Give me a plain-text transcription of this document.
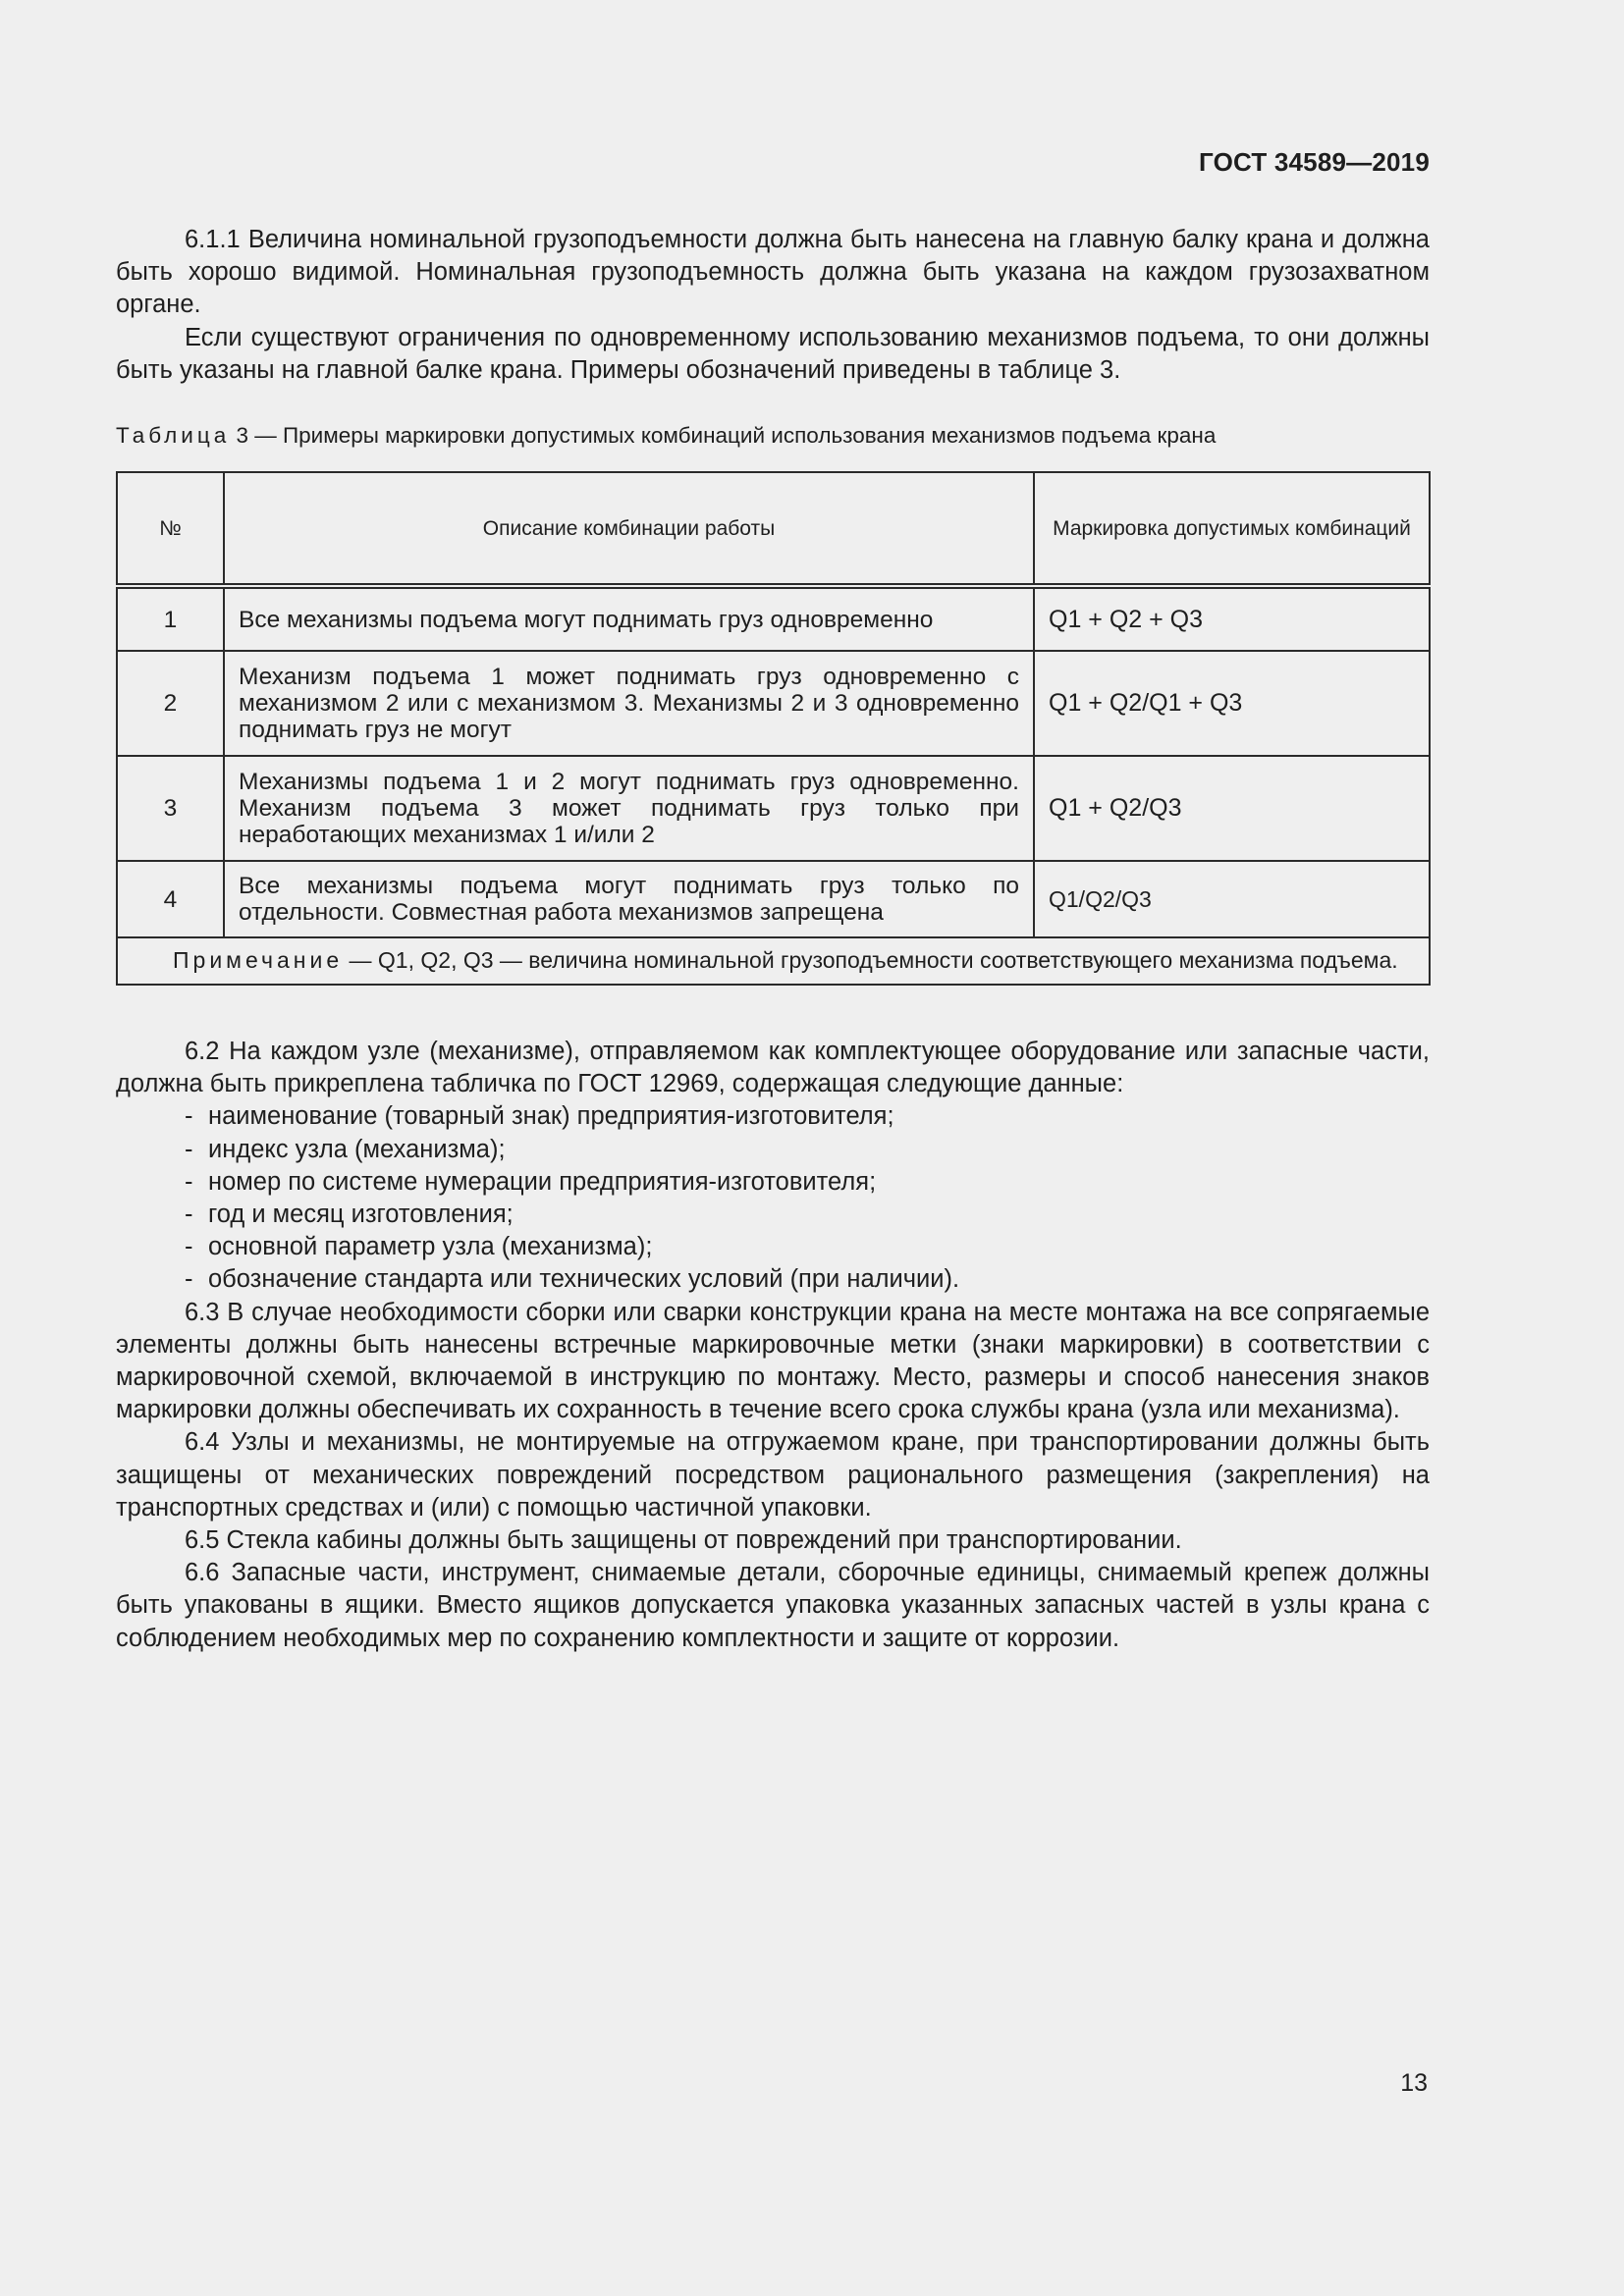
ГОСТ 34589—2019

6.1.1 Величина номинальной грузоподъемности должна быть нанесена на главную балку крана и должна быть хорошо видимой. Номинальная грузоподъемность должна быть указана на каждом грузозахватном органе.

Если существуют ограничения по одновременному использованию механизмов подъема, то они должны быть указаны на главной балке крана. Примеры обозначений приведены в таблице 3.

Таблица 3 — Примеры маркировки допустимых комбинаций использования механизмов подъема крана
№	Описание комбинации работы	Маркировка допустимых комбинаций
1	Все механизмы подъема могут поднимать груз одновременно	Q1 + Q2 + Q3
2	Механизм подъема 1 может поднимать груз одновременно с механизмом 2 или с механизмом 3. Механизмы 2 и 3 одновременно поднимать груз не могут	Q1 + Q2/Q1 + Q3
3	Механизмы подъема 1 и 2 могут поднимать груз одновременно. Механизм подъема 3 может поднимать груз только при неработающих механизмах 1 и/или 2	Q1 + Q2/Q3
4	Все механизмы подъема могут поднимать груз только по отдельности. Совместная работа механизмов запрещена	Q1/Q2/Q3

Примечание — Q1, Q2, Q3 — величина номинальной грузоподъемности соответствующего механизма подъема.		

6.2 На каждом узле (механизме), отправляемом как комплектующее оборудование или запасные части, должна быть прикреплена табличка по ГОСТ 12969, содержащая следующие данные:

- наименование (товарный знак) предприятия-изготовителя;

- индекс узла (механизма);

- номер по системе нумерации предприятия-изготовителя;

- год и месяц изготовления;

- основной параметр узла (механизма);

- обозначение стандарта или технических условий (при наличии).

6.3 В случае необходимости сборки или сварки конструкции крана на месте монтажа на все сопрягаемые элементы должны быть нанесены встречные маркировочные метки (знаки маркировки) в соответствии с маркировочной схемой, включаемой в инструкцию по монтажу. Место, размеры и способ нанесения знаков маркировки должны обеспечивать их сохранность в течение всего срока службы крана (узла или механизма).

6.4 Узлы и механизмы, не монтируемые на отгружаемом кране, при транспортировании должны быть защищены от механических повреждений посредством рационального размещения (закрепления) на транспортных средствах и (или) с помощью частичной упаковки.

6.5 Стекла кабины должны быть защищены от повреждений при транспортировании.

6.6 Запасные части, инструмент, снимаемые детали, сборочные единицы, снимаемый крепеж должны быть упакованы в ящики. Вместо ящиков допускается упаковка указанных запасных частей в узлы крана с соблюдением необходимых мер по сохранению комплектности и защите от коррозии.

13
